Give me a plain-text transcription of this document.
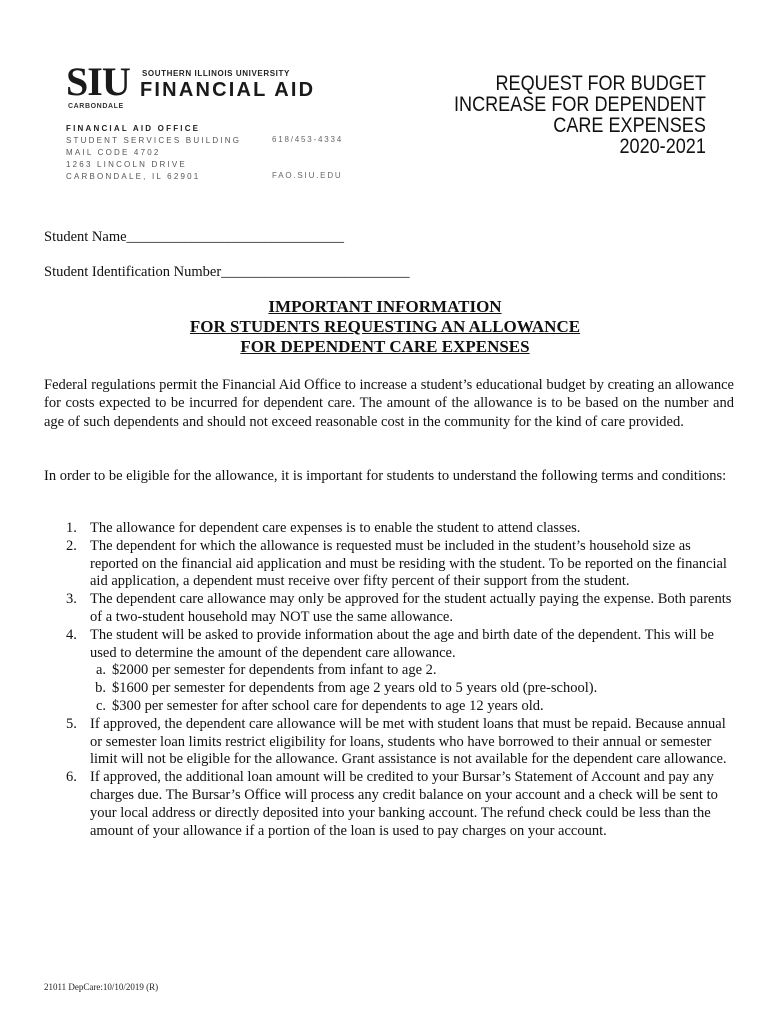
SIU SOUTHERN ILLINOIS UNIVERSITY
FINANCIAL AID
CARBONDALE
FINANCIAL AID OFFICE
STUDENT SERVICES BUILDING
MAIL CODE 4702
1263 LINCOLN DRIVE
CARBONDALE, IL 62901
618/453-4334
FAO.SIU.EDU
REQUEST FOR BUDGET
INCREASE FOR DEPENDENT
CARE EXPENSES
2020-2021
Student Name______________________________
Student Identification Number__________________________
IMPORTANT INFORMATION
FOR STUDENTS REQUESTING AN ALLOWANCE
FOR DEPENDENT CARE EXPENSES
Federal regulations permit the Financial Aid Office to increase a student’s educational budget by creating an allowance for costs expected to be incurred for dependent care. The amount of the allowance is to be based on the number and age of such dependents and should not exceed reasonable cost in the community for the kind of care provided.
In order to be eligible for the allowance, it is important for students to understand the following terms and conditions:
1. The allowance for dependent care expenses is to enable the student to attend classes.
2. The dependent for which the allowance is requested must be included in the student’s household size as reported on the financial aid application and must be residing with the student. To be reported on the financial aid application, a dependent must receive over fifty percent of their support from the student.
3. The dependent care allowance may only be approved for the student actually paying the expense. Both parents of a two-student household may NOT use the same allowance.
4. The student will be asked to provide information about the age and birth date of the dependent. This will be used to determine the amount of the dependent care allowance.
a. $2000 per semester for dependents from infant to age 2.
b. $1600 per semester for dependents from age 2 years old to 5 years old (pre-school).
c. $300 per semester for after school care for dependents to age 12 years old.
5. If approved, the dependent care allowance will be met with student loans that must be repaid. Because annual or semester loan limits restrict eligibility for loans, students who have borrowed to their annual or semester limit will not be eligible for the allowance. Grant assistance is not available for the dependent care allowance.
6. If approved, the additional loan amount will be credited to your Bursar’s Statement of Account and pay any charges due. The Bursar’s Office will process any credit balance on your account and a check will be sent to your local address or directly deposited into your banking account. The refund check could be less than the amount of your allowance if a portion of the loan is used to pay charges on your account.
21011 DepCare:10/10/2019 (R)
